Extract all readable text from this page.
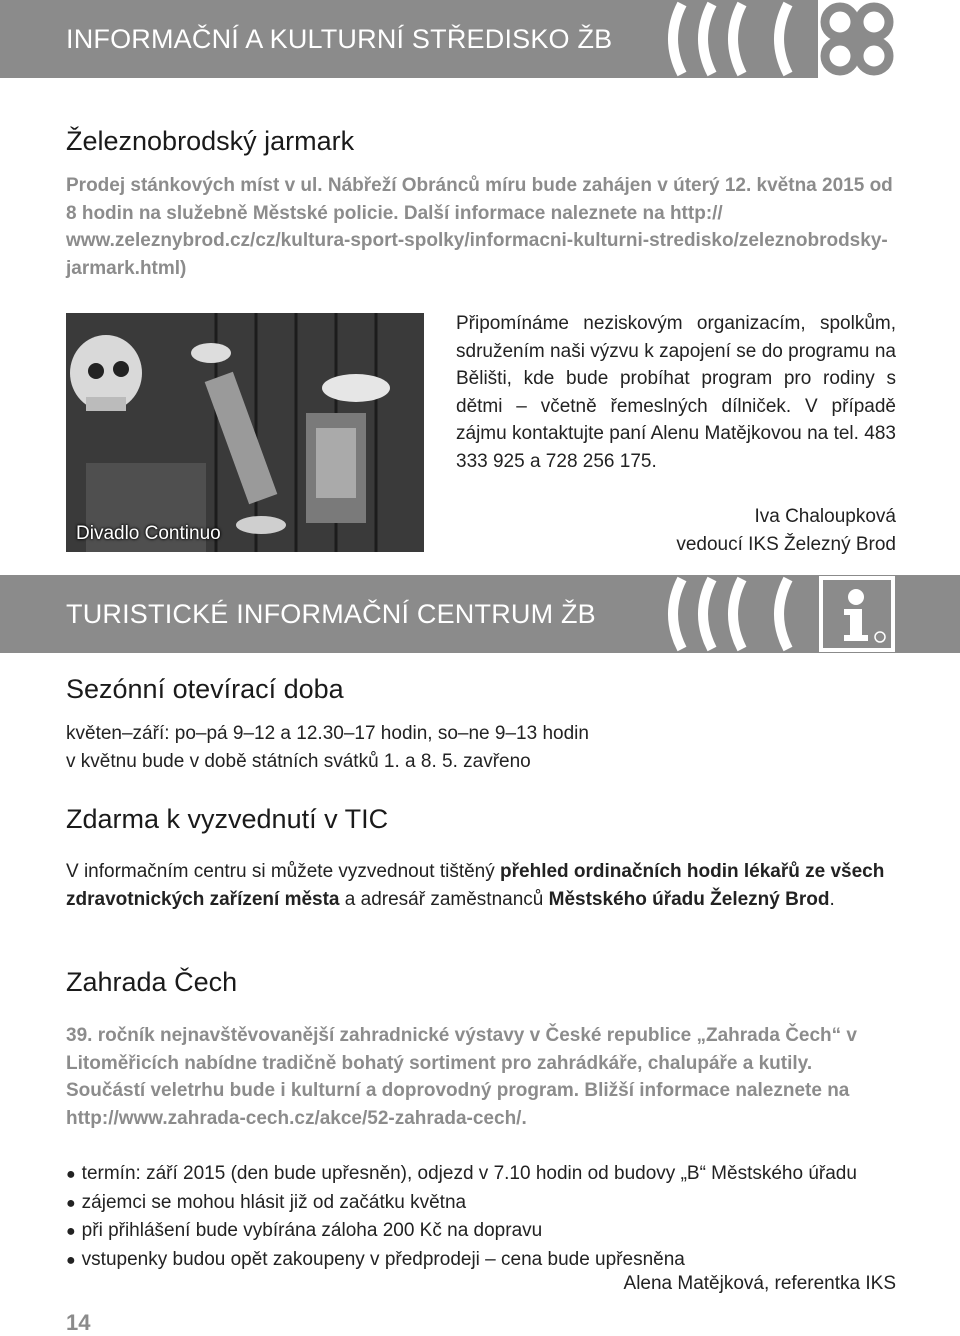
INFORMAČNÍ A KULTURNÍ STŘEDISKO ŽB
Železnobrodský jarmark

Prodej stánkových míst v ul. Nábřeží Obránců míru bude zahájen v úterý 12. května 2015 od 8 hodin na služebně Městské policie. Další informace naleznete na http:// www.zeleznybrod.cz/cz/kultura-sport-spolky/informacni-kulturni-stredisko/zeleznobrodsky-jarmark.html)

Divadlo Continuo
Připomínáme neziskovým organizacím, spolkům, sdružením naši výzvu k zapojení se do programu na Bělišti, kde bude probíhat program pro rodiny s dětmi – včetně řemeslných dílniček. V případě zájmu kontaktujte paní Alenu Matějkovou na tel. 483 333 925 a 728 256 175.
Iva Chaloupková
vedoucí IKS Železný Brod
TURISTICKÉ INFORMAČNÍ CENTRUM ŽB
Sezónní otevírací doba
květen–září: po–pá 9–12 a 12.30–17 hodin, so–ne 9–13 hodin
v květnu bude v době státních svátků 1. a 8. 5. zavřeno
Zdarma k vyzvednutí v TIC

V informačním centru si můžete vyzvednout tištěný přehled ordinačních hodin lékařů ze všech zdravotnických zařízení města a adresář zaměstnanců Městského úřadu Železný Brod.

Zahrada Čech

39. ročník nejnavštěvovanější zahradnické výstavy v České republice „Zahrada Čech“ v Litoměřicích nabídne tradičně bohatý sortiment pro zahrádkáře, chalupáře a kutily. Součástí veletrhu bude i kulturní a doprovodný program. Bližší informace naleznete na http://www.zahrada-cech.cz/akce/52-zahrada-cech/.

● termín: září 2015 (den bude upřesněn), odjezd v 7.10 hodin od budovy „B“ Městského úřadu
● zájemci se mohou hlásit již od začátku května
● při přihlášení bude vybírána záloha 200 Kč na dopravu
● vstupenky budou opět zakoupeny v předprodeji – cena bude upřesněna
Alena Matějková, referentka IKS
14
